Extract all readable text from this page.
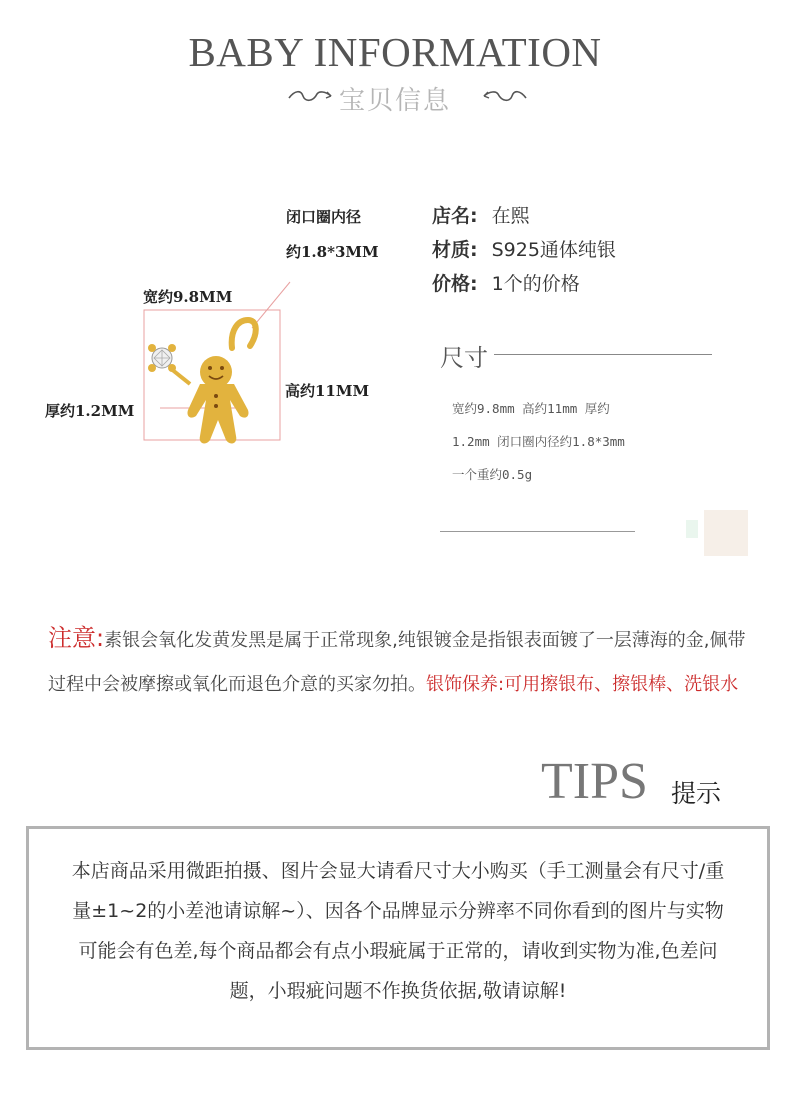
BABY INFORMATION
宝贝信息
闭口圈内径
约1.8*3MM
宽约9.8MM
高约11MM
厚约1.2MM
店名: 在熙
材质: S925通体纯银
价格: 1个的价格
尺寸
宽约9.8mm 高约11mm 厚约
1.2mm 闭口圈内径约1.8*3mm
一个重约0.5g
注意:素银会氧化发黄发黑是属于正常现象,纯银镀金是指银表面镀了一层薄海的金,佩带过程中会被摩擦或氧化而退色介意的买家勿拍。银饰保养:可用擦银布、擦银棒、洗银水
TIPS 提示
本店商品采用微距拍摄、图片会显大请看尺寸大小购买（手工测量会有尺寸/重量±1~2的小差池请谅解~）、因各个品牌显示分辨率不同你看到的图片与实物可能会有色差,每个商品都会有点小瑕疵属于正常的，请收到实物为准,色差问题，小瑕疵问题不作换货依据,敬请谅解!
